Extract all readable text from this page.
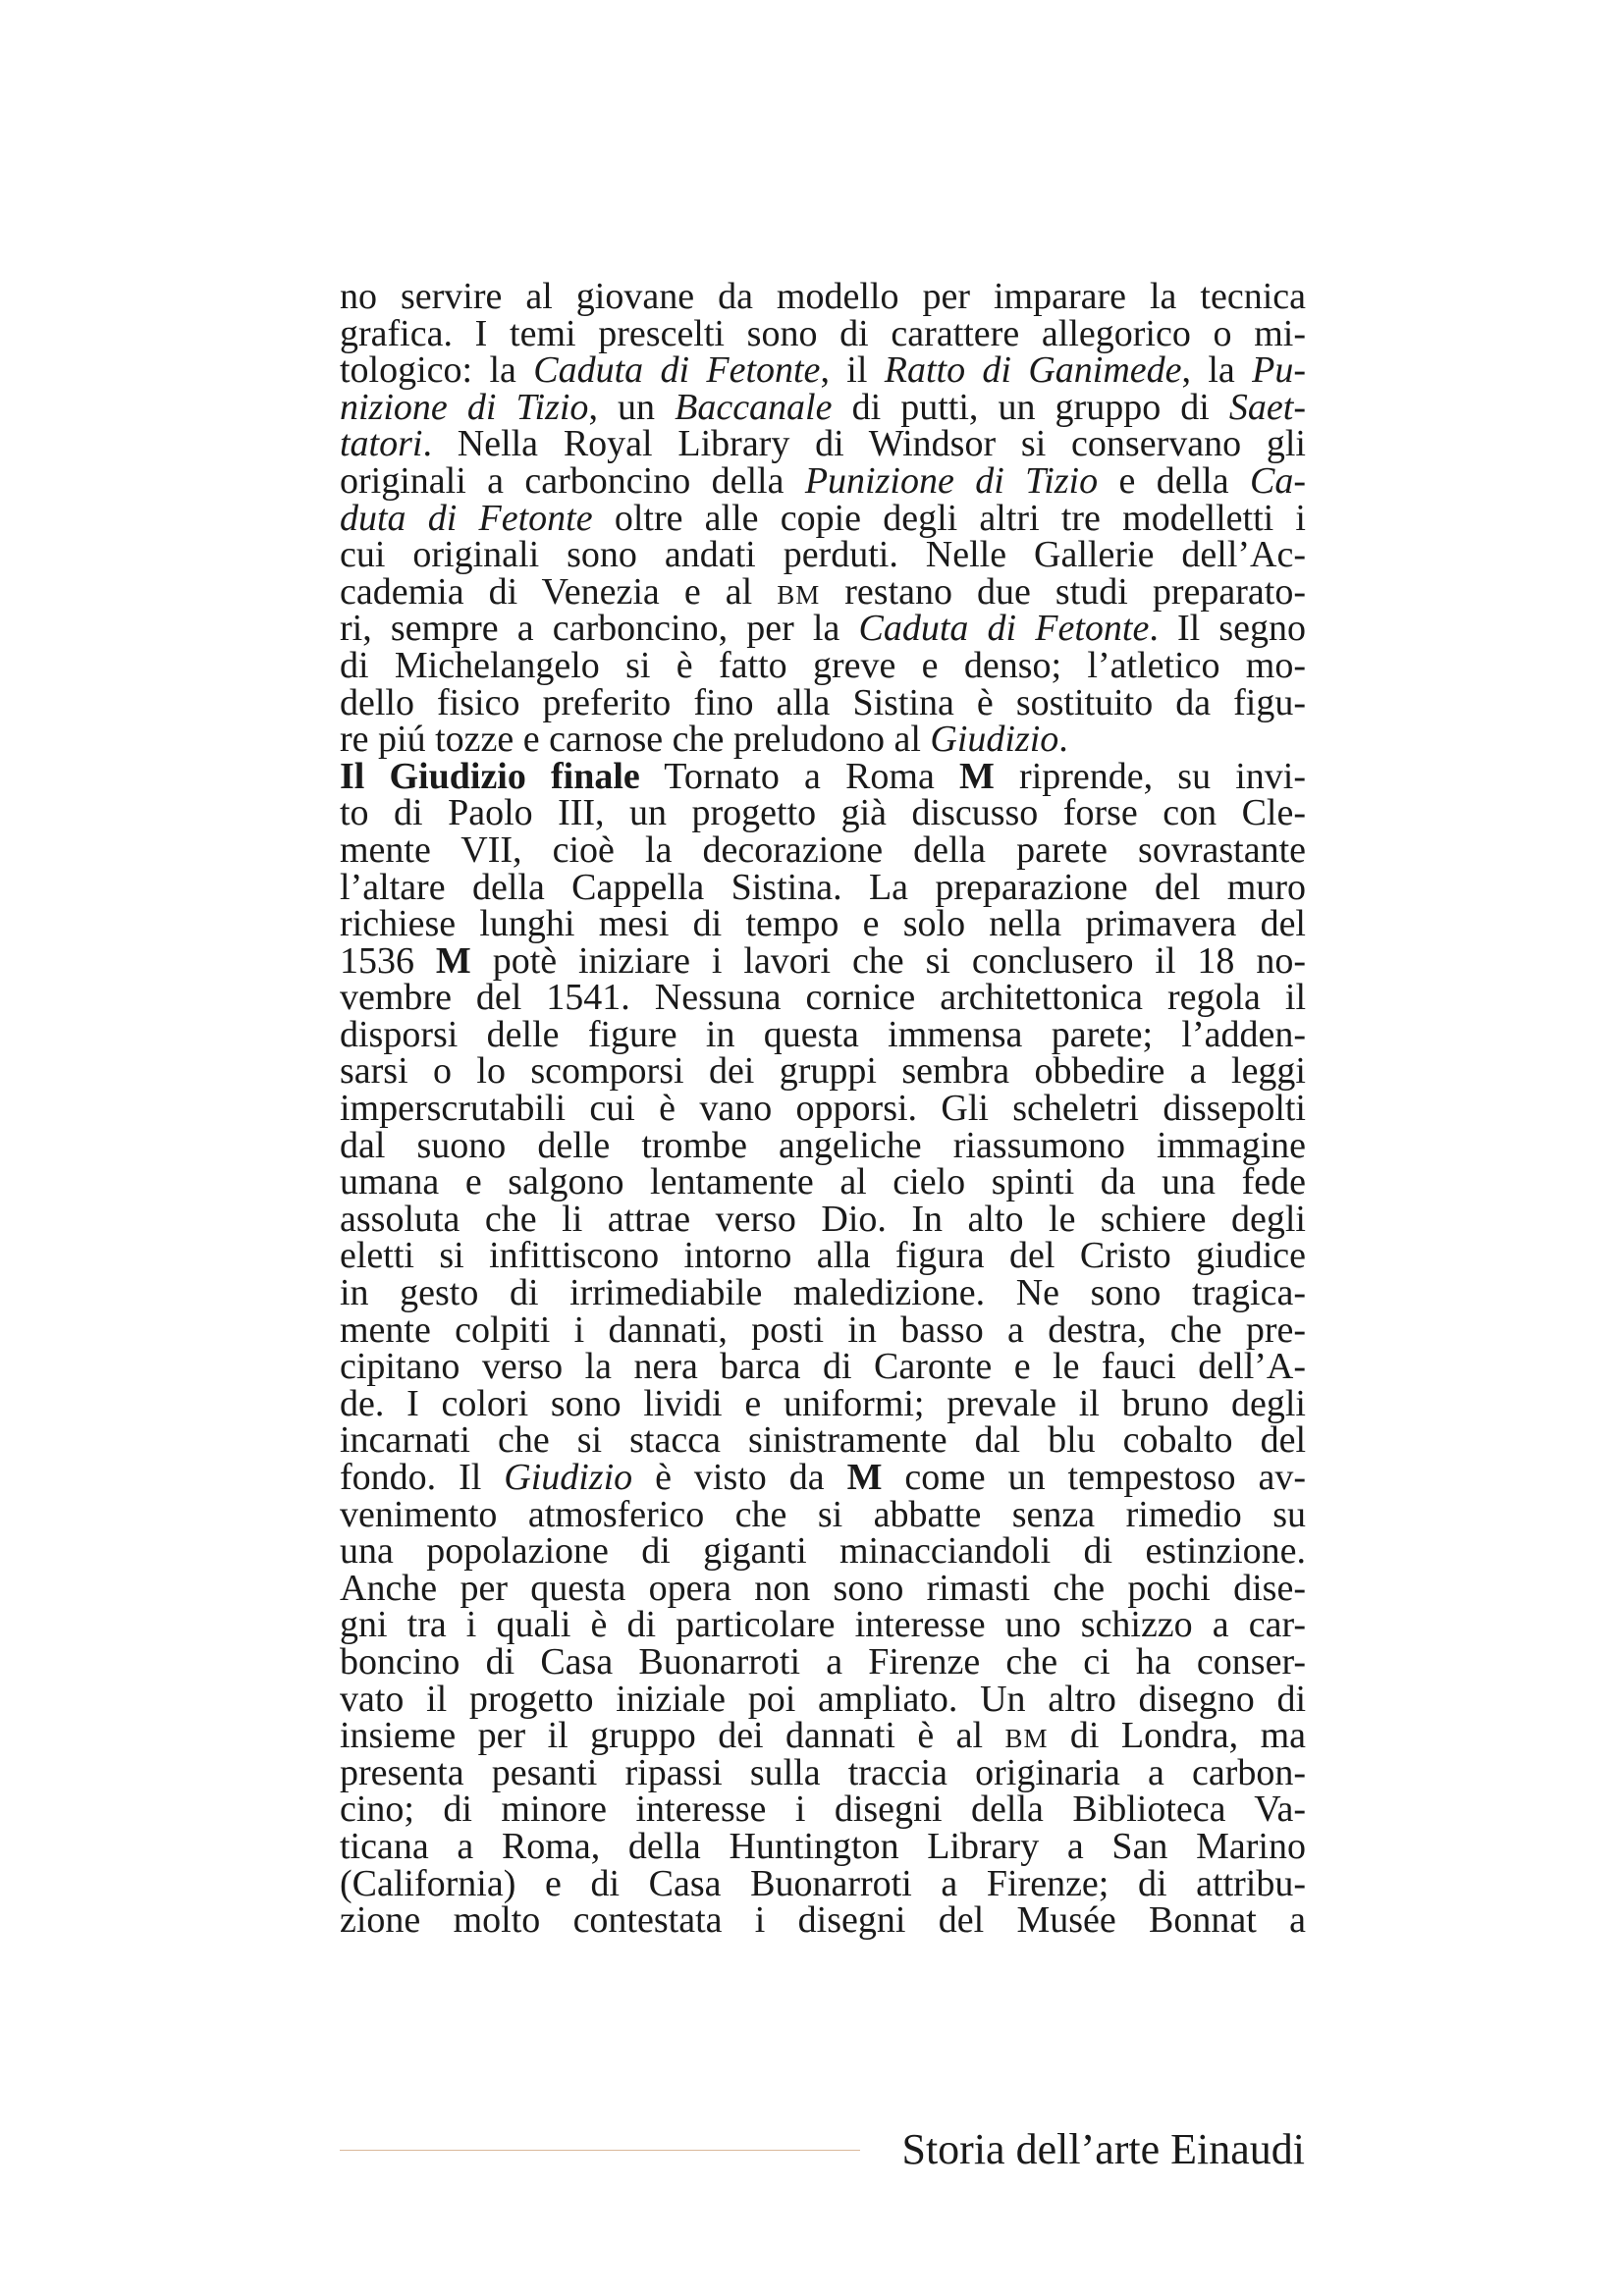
no servire al giovane da modello per imparare la tecnica
grafica. I temi prescelti sono di carattere allegorico o mi-
tologico: la Caduta di Fetonte, il Ratto di Ganimede, la Pu-
nizione di Tizio, un Baccanale di putti, un gruppo di Saet-
tatori. Nella Royal Library di Windsor si conservano gli
originali a carboncino della Punizione di Tizio e della Ca-
duta di Fetonte oltre alle copie degli altri tre modelletti i
cui originali sono andati perduti. Nelle Gallerie dell’Ac-
cademia di Venezia e al bm restano due studi preparato-
ri, sempre a carboncino, per la Caduta di Fetonte. Il segno
di Michelangelo si è fatto greve e denso; l’atletico mo-
dello fisico preferito fino alla Sistina è sostituito da figu-
re piú tozze e carnose che preludono al Giudizio.
Il Giudizio finale Tornato a Roma M riprende, su invi-
to di Paolo III, un progetto già discusso forse con Cle-
mente VII, cioè la decorazione della parete sovrastante
l’altare della Cappella Sistina. La preparazione del muro
richiese lunghi mesi di tempo e solo nella primavera del
1536 M potè iniziare i lavori che si conclusero il 18 no-
vembre del 1541. Nessuna cornice architettonica regola il
disporsi delle figure in questa immensa parete; l’adden-
sarsi o lo scomporsi dei gruppi sembra obbedire a leggi
imperscrutabili cui è vano opporsi. Gli scheletri dissepolti
dal suono delle trombe angeliche riassumono immagine
umana e salgono lentamente al cielo spinti da una fede
assoluta che li attrae verso Dio. In alto le schiere degli
eletti si infittiscono intorno alla figura del Cristo giudice
in gesto di irrimediabile maledizione. Ne sono tragica-
mente colpiti i dannati, posti in basso a destra, che pre-
cipitano verso la nera barca di Caronte e le fauci dell’A-
de. I colori sono lividi e uniformi; prevale il bruno degli
incarnati che si stacca sinistramente dal blu cobalto del
fondo. Il Giudizio è visto da M come un tempestoso av-
venimento atmosferico che si abbatte senza rimedio su
una popolazione di giganti minacciandoli di estinzione.
Anche per questa opera non sono rimasti che pochi dise-
gni tra i quali è di particolare interesse uno schizzo a car-
boncino di Casa Buonarroti a Firenze che ci ha conser-
vato il progetto iniziale poi ampliato. Un altro disegno di
insieme per il gruppo dei dannati è al bm di Londra, ma
presenta pesanti ripassi sulla traccia originaria a carbon-
cino; di minore interesse i disegni della Biblioteca Va-
ticana a Roma, della Huntington Library a San Marino
(California) e di Casa Buonarroti a Firenze; di attribu-
zione molto contestata i disegni del Musée Bonnat a
Storia dell’arte Einaudi
